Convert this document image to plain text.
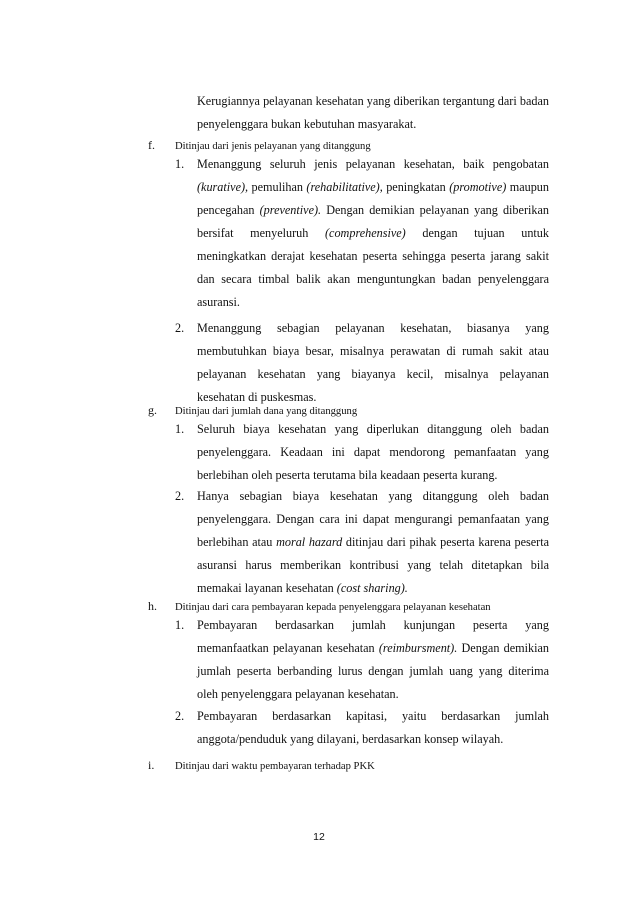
Kerugiannya pelayanan kesehatan yang diberikan tergantung dari badan penyelenggara bukan kebutuhan masyarakat.
f. Ditinjau dari jenis pelayanan yang ditanggung
1.	Menanggung seluruh jenis pelayanan kesehatan, baik pengobatan (kurative), pemulihan (rehabilitative), peningkatan (promotive) maupun pencegahan (preventive). Dengan demikian pelayanan yang diberikan bersifat menyeluruh (comprehensive) dengan tujuan untuk meningkatkan derajat kesehatan peserta sehingga peserta jarang sakit dan secara timbal balik akan menguntungkan badan penyelenggara asuransi.
2.	Menanggung sebagian pelayanan kesehatan, biasanya yang membutuhkan biaya besar, misalnya perawatan di rumah sakit atau pelayanan kesehatan yang biayanya kecil, misalnya pelayanan kesehatan di puskesmas.
g. Ditinjau dari jumlah dana yang ditanggung
1.	Seluruh biaya kesehatan yang diperlukan ditanggung oleh badan penyelenggara. Keadaan ini dapat mendorong pemanfaatan yang berlebihan oleh peserta terutama bila keadaan peserta kurang.
2.	Hanya sebagian biaya kesehatan yang ditanggung oleh badan penyelenggara. Dengan cara ini dapat mengurangi pemanfaatan yang berlebihan atau moral hazard ditinjau dari pihak peserta karena peserta asuransi harus memberikan kontribusi yang telah ditetapkan bila memakai layanan kesehatan (cost sharing).
h. Ditinjau dari cara pembayaran kepada penyelenggara pelayanan kesehatan
1.	Pembayaran berdasarkan jumlah kunjungan peserta yang memanfaatkan pelayanan kesehatan (reimbursment). Dengan demikian jumlah peserta berbanding lurus dengan jumlah uang yang diterima oleh penyelenggara pelayanan kesehatan.
2.	Pembayaran berdasarkan kapitasi, yaitu berdasarkan jumlah anggota/penduduk yang dilayani, berdasarkan konsep wilayah.
i. Ditinjau dari waktu pembayaran terhadap PKK
12
